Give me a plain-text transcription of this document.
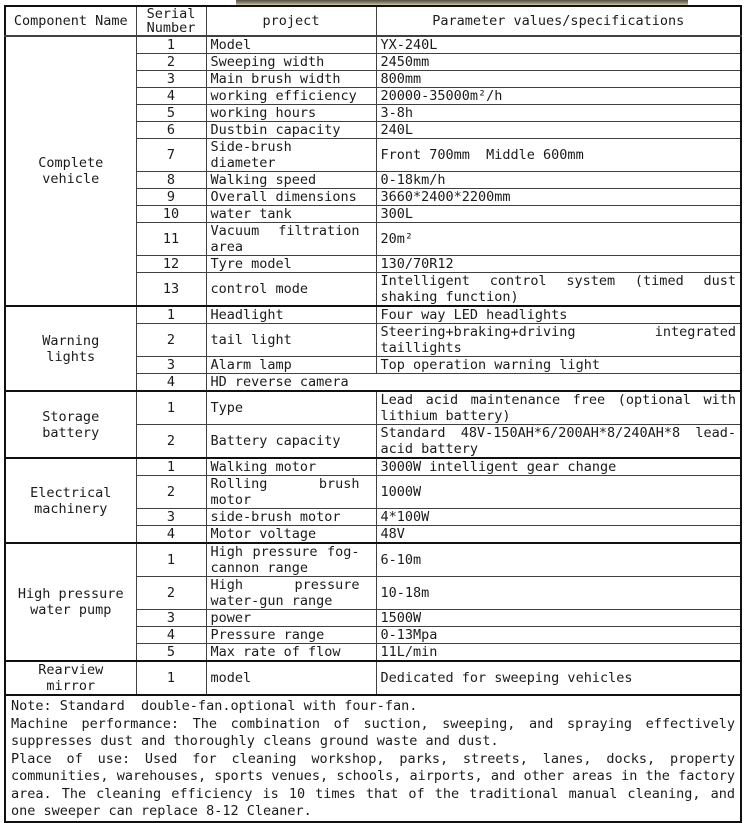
Component Name	Serial Number	project	Parameter values/specifications
Complete vehicle	1	Model	YX-240L
	2	Sweeping width	2450mm
	3	Main brush width	800mm
	4	working efficiency	20000-35000m²/h
	5	working hours	3-8h
	6	Dustbin capacity	240L
	7	Side-brush diameter	Front 700mm  Middle 600mm
	8	Walking speed	0-18km/h
	9	Overall dimensions	3660*2400*2200mm
	10	water tank	300L
	11	Vacuum filtration area	20m²
	12	Tyre model	130/70R12
	13	control mode	Intelligent control system (timed dust shaking function)
Warning lights	1	Headlight	Four way LED headlights
	2	tail light	Steering+braking+driving integrated taillights
	3	Alarm lamp	Top operation warning light
	4	HD reverse camera	
Storage battery	1	Type	Lead acid maintenance free (optional with lithium battery)
	2	Battery capacity	Standard 48V-150AH*6/200AH*8/240AH*8 lead-acid battery
Electrical machinery	1	Walking motor	3000W intelligent gear change
	2	Rolling brush motor	1000W
	3	side-brush motor	4*100W
	4	Motor voltage	48V
High pressure water pump	1	High pressure fog-cannon range	6-10m
	2	High pressure water-gun range	10-18m
	3	power	1500W
	4	Pressure range	0-13Mpa
	5	Max rate of flow	11L/min
Rearview mirror	1	model	Dedicated for sweeping vehicles

Note: Standard  double-fan.optional with four-fan.

Machine performance: The combination of suction, sweeping, and spraying effectively suppresses dust and thoroughly cleans ground waste and dust.

Place of use: Used for cleaning workshop, parks, streets, lanes, docks, property communities, warehouses, sports venues, schools, airports, and other areas in the factory area. The cleaning efficiency is 10 times that of the traditional manual cleaning, and one sweeper can replace 8-12 Cleaner.			
